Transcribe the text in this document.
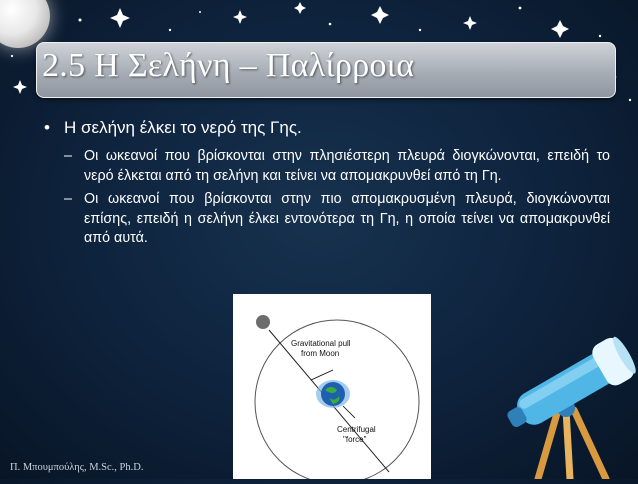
2.5 Η Σελήνη – Παλίρροια
• Η σελήνη έλκει το νερό της Γης.
– Οι ωκεανοί που βρίσκονται στην πλησιέστερη πλευρά διογκώνονται, επειδή το νερό έλκεται από τη σελήνη και τείνει να απομακρυνθεί από τη Γη.
– Οι ωκεανοί που βρίσκονται στην πιο απομακρυσμένη πλευρά, διογκώνονται επίσης, επειδή η σελήνη έλκει εντονότερα τη Γη, η οποία τείνει να απομακρυνθεί από αυτά.
Gravitational pull
from Moon
Centrifugal
"force"
Π. Μπουμπούλης, M.Sc., Ph.D.
